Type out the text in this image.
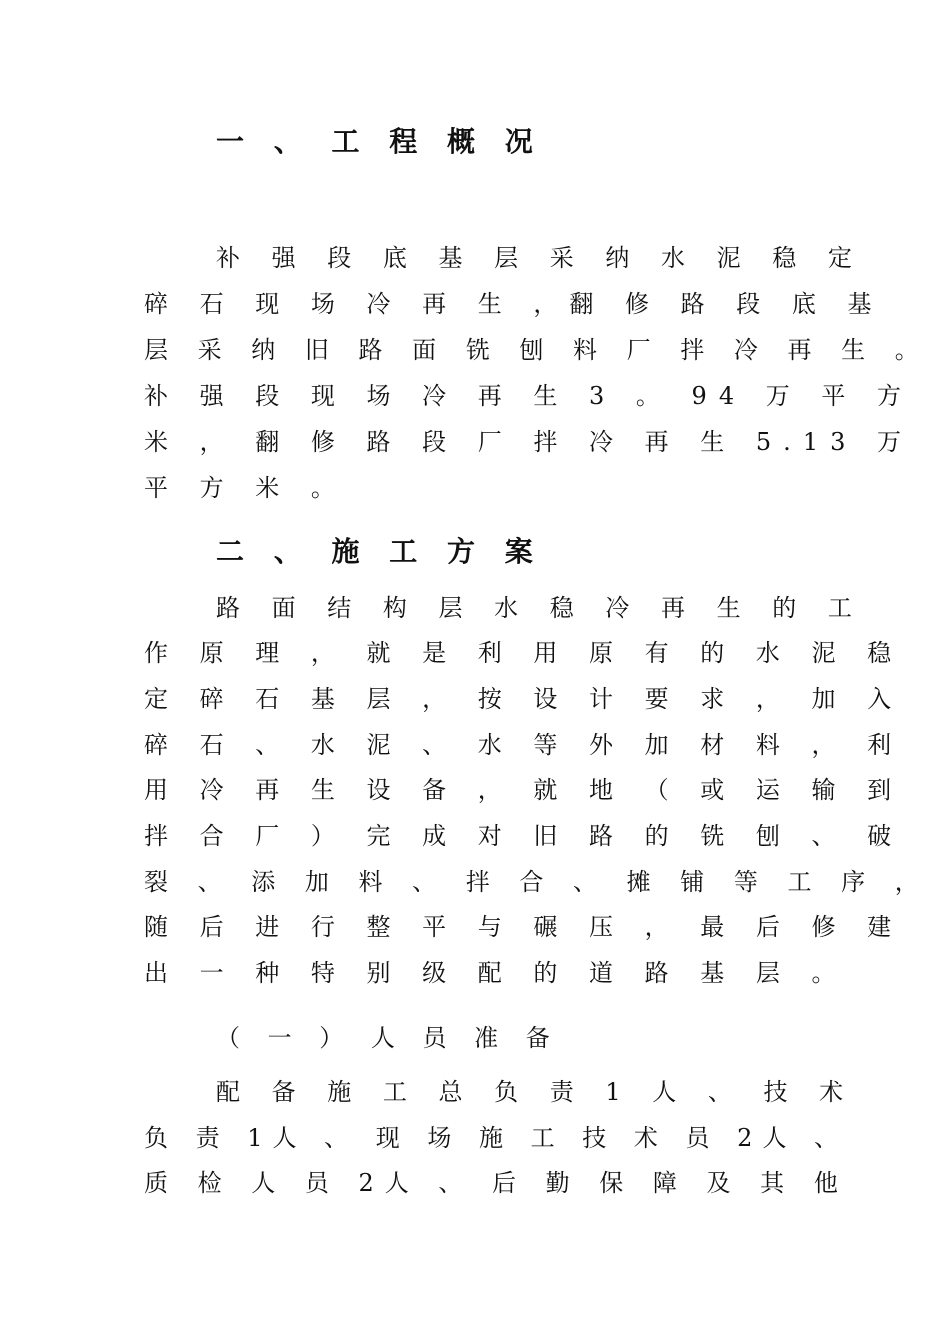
一 、 工 程 概 况
补 强 段 底 基 层 采 纳 水 泥 稳 定
碎 石 现 场 冷 再 生 ，翻 修 路 段 底 基
层 采 纳 旧 路 面 铣 刨 料 厂 拌 冷 再 生 。
补 强 段 现 场 冷 再 生 3 。 94 万 平 方
米 ， 翻 修 路 段 厂 拌 冷 再 生 5.13 万
平 方 米 。
二 、 施 工 方 案
路 面 结 构 层 水 稳 冷 再 生 的 工
作 原 理 ， 就 是 利 用 原 有 的 水 泥 稳
定 碎 石 基 层 ， 按 设 计 要 求 ， 加 入
碎 石 、 水 泥 、 水 等 外 加 材 料 ， 利
用 冷 再 生 设 备 ， 就 地 （ 或 运 输 到
拌 合 厂 ） 完 成 对 旧 路 的 铣 刨 、 破
裂 、 添 加 料 、 拌 合 、 摊 铺 等 工 序 ，
随 后 进 行 整 平 与 碾 压 ， 最 后 修 建
出 一 种 特 别 级 配 的 道 路 基 层 。
（ 一 ） 人 员 准 备
配 备 施 工 总 负 责 1 人 、 技 术
负 责 1人 、 现 场 施 工 技 术 员 2人 、
质 检 人 员 2人 、 后 勤 保 障 及 其 他
